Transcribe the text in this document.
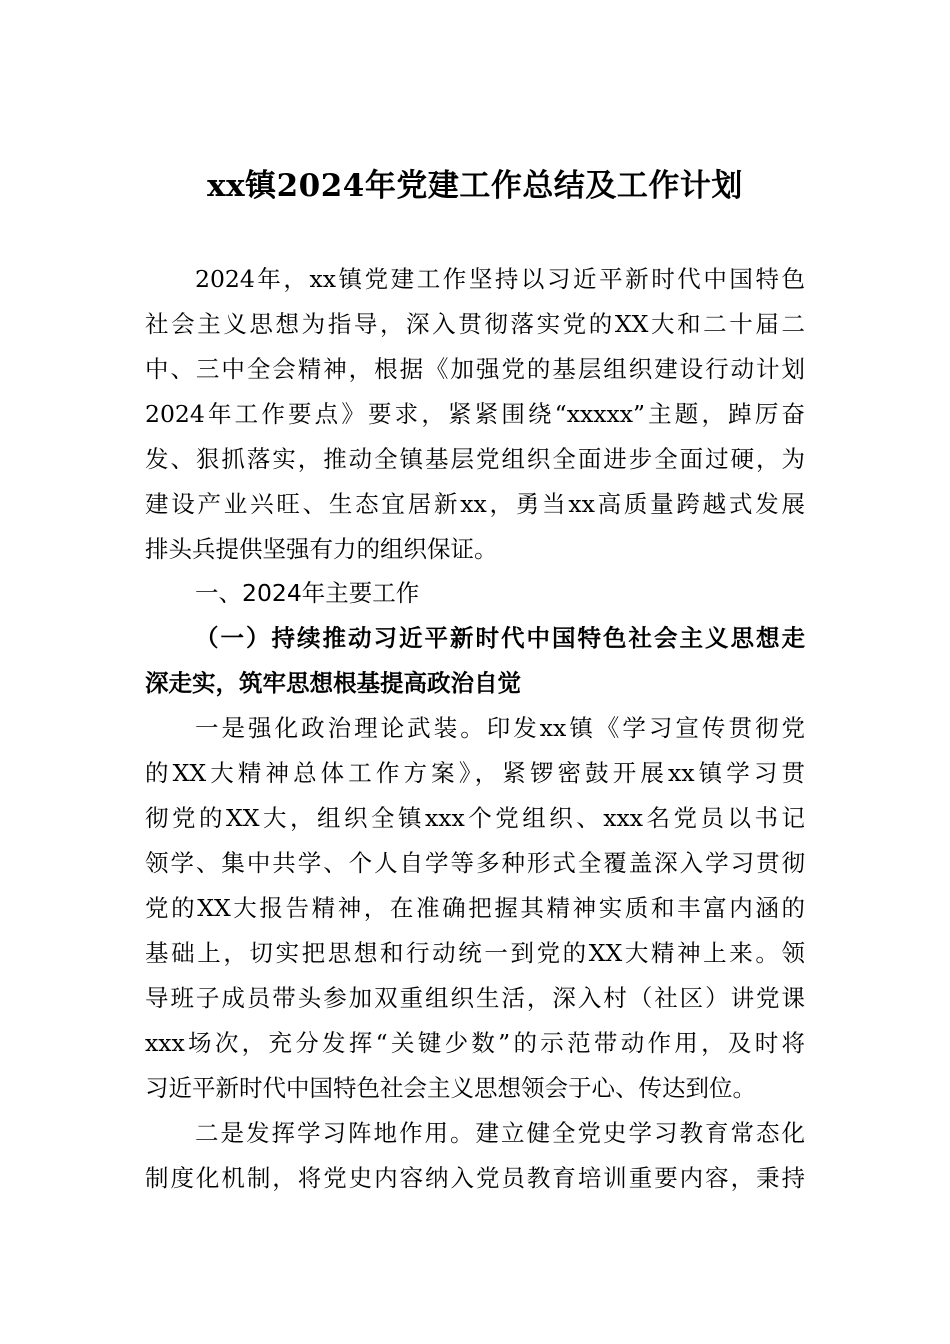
xx镇2024年党建工作总结及工作计划
2024年，xx镇党建工作坚持以习近平新时代中国特色
社会主义思想为指导，深入贯彻落实党的XX大和二十届二
中、三中全会精神，根据《加强党的基层组织建设行动计划
2024年工作要点》要求，紧紧围绕“xxxxx”主题，踔厉奋
发、狠抓落实，推动全镇基层党组织全面进步全面过硬，为
建设产业兴旺、生态宜居新xx，勇当xx高质量跨越式发展
排头兵提供坚强有力的组织保证。
一、2024年主要工作
（一）持续推动习近平新时代中国特色社会主义思想走
深走实，筑牢思想根基提高政治自觉
一是强化政治理论武装。印发xx镇《学习宣传贯彻党
的XX大精神总体工作方案》，紧锣密鼓开展xx镇学习贯
彻党的XX大，组织全镇xxx个党组织、xxx名党员以书记
领学、集中共学、个人自学等多种形式全覆盖深入学习贯彻
党的XX大报告精神，在准确把握其精神实质和丰富内涵的
基础上，切实把思想和行动统一到党的XX大精神上来。领
导班子成员带头参加双重组织生活，深入村（社区）讲党课
xxx场次，充分发挥“关键少数”的示范带动作用，及时将
习近平新时代中国特色社会主义思想领会于心、传达到位。
二是发挥学习阵地作用。建立健全党史学习教育常态化
制度化机制，将党史内容纳入党员教育培训重要内容，秉持
